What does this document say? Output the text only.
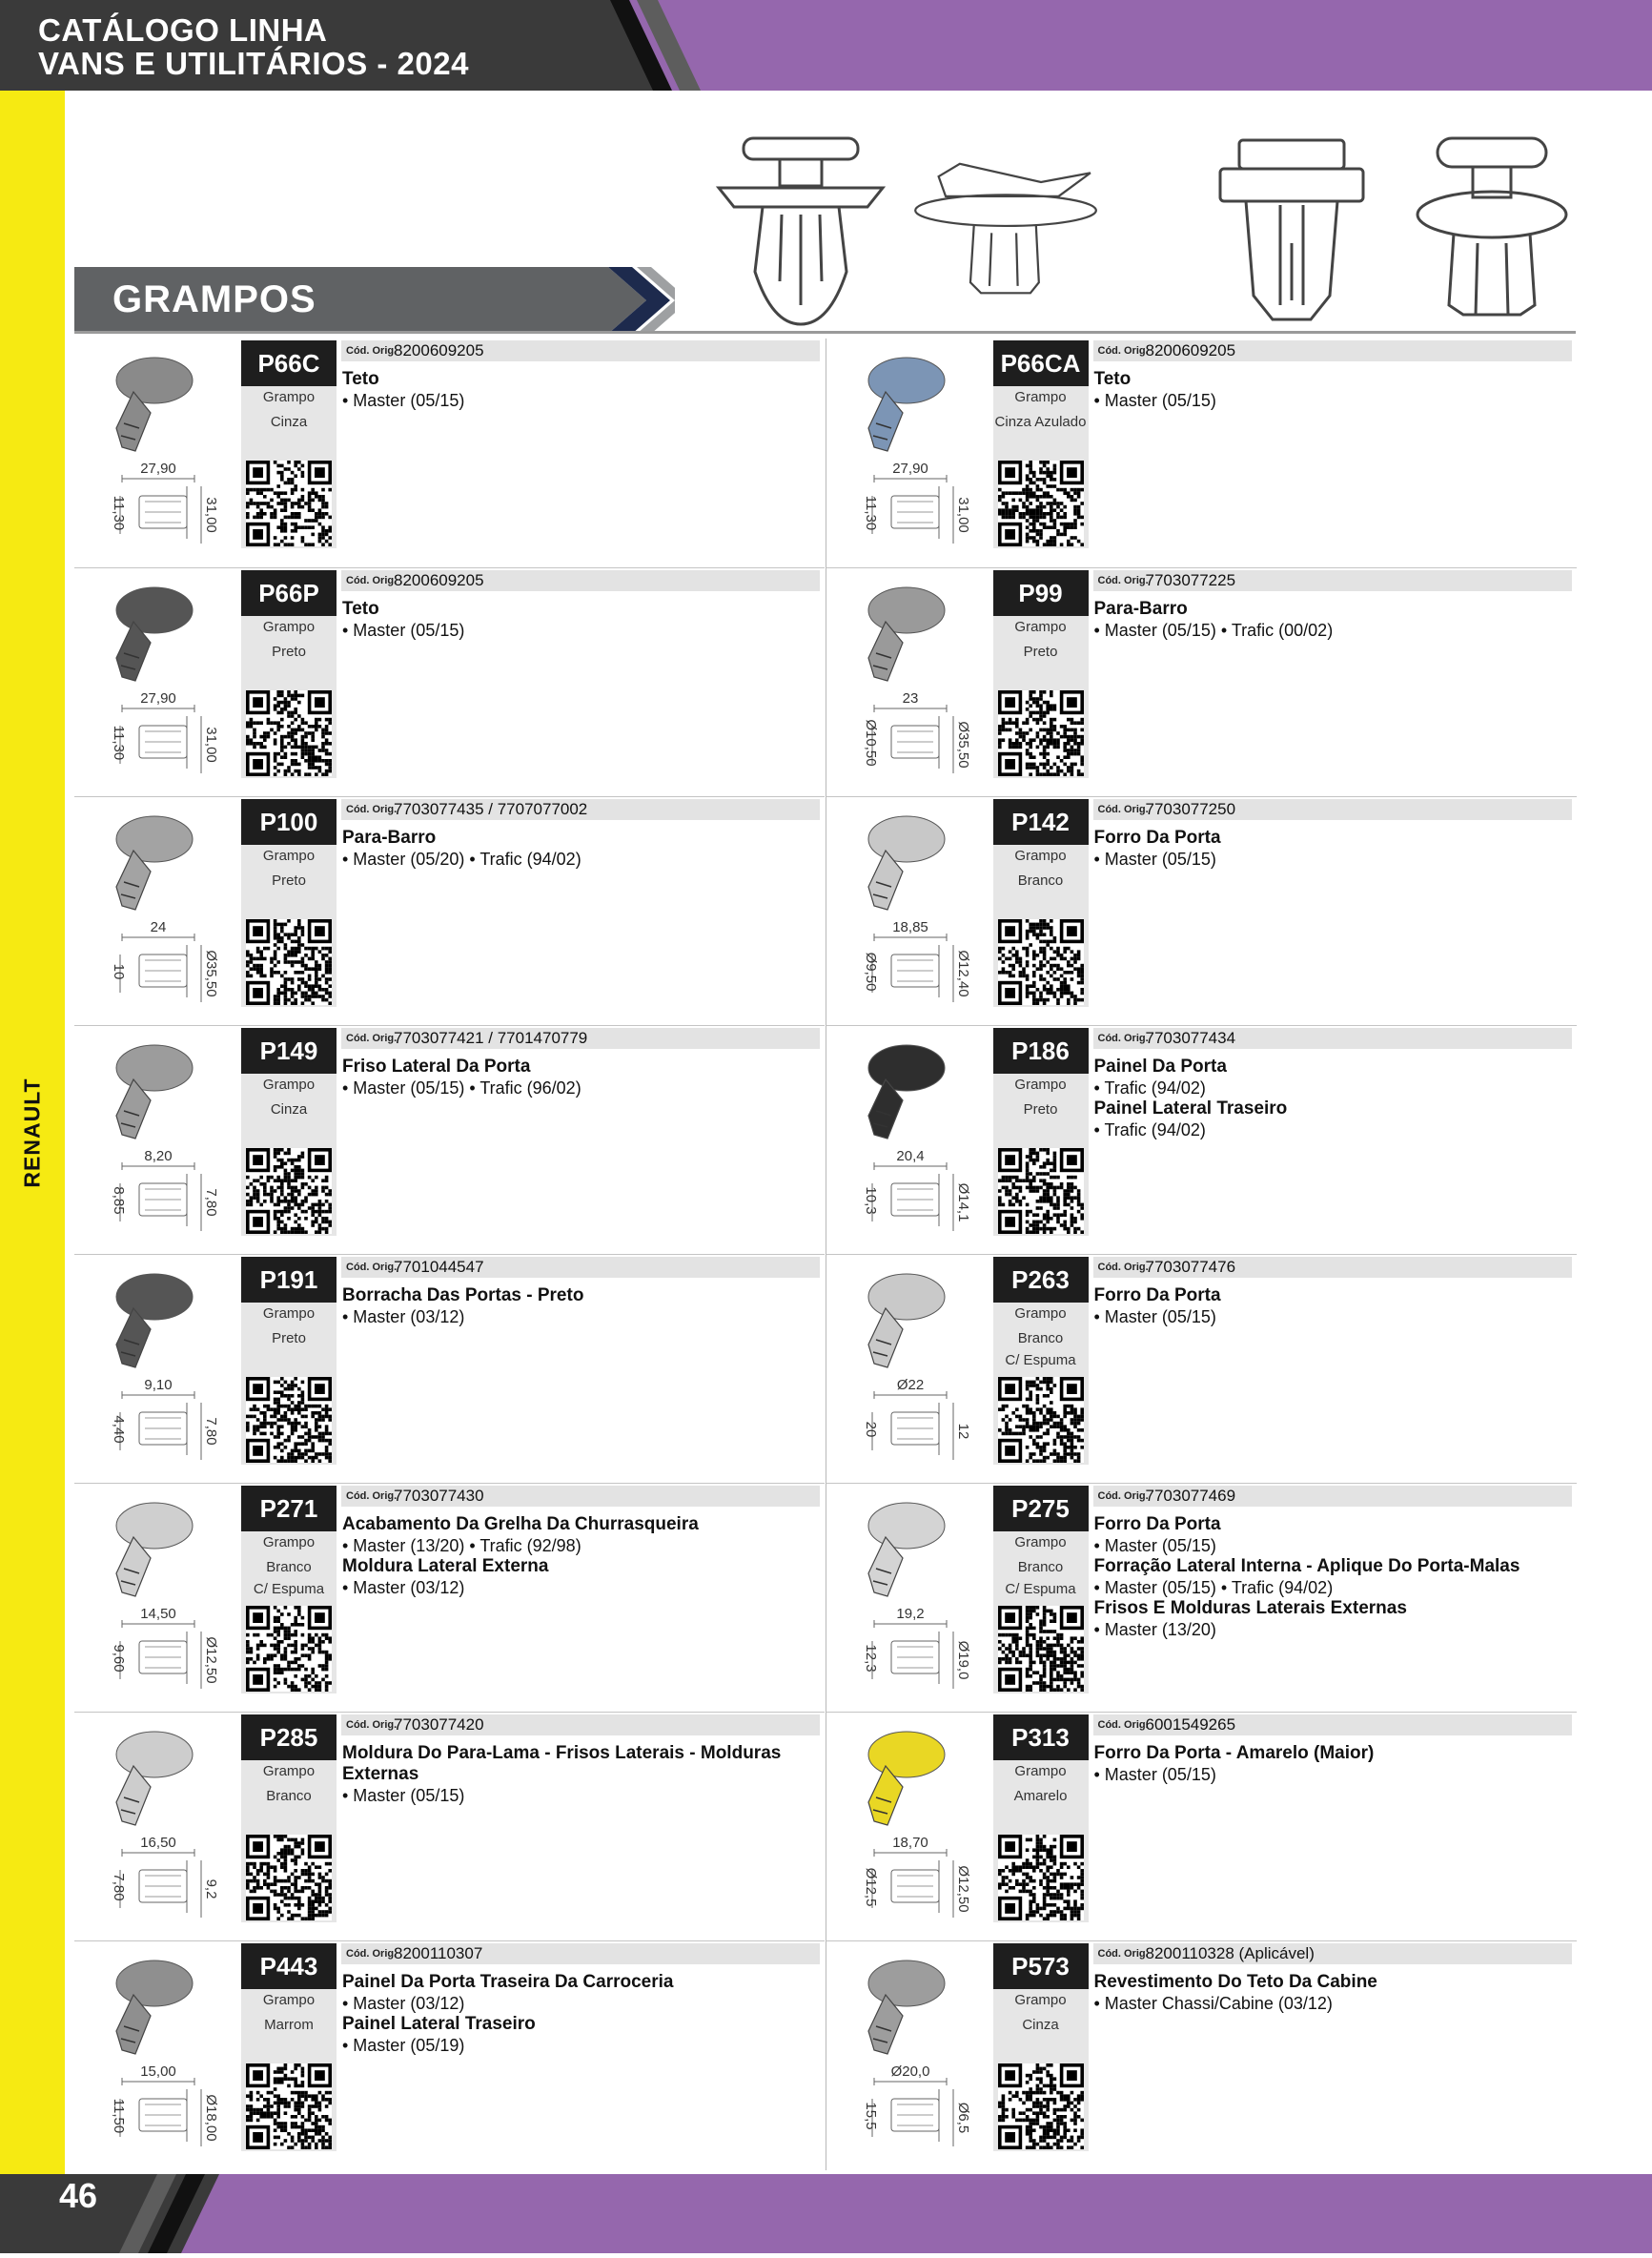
CATÁLOGO LINHA
VANS E UTILITÁRIOS - 2024
RENAULT
GRAMPOS
27,90
11,30	31,00
P66C
Grampo
Cinza
Cód. Orig.
8200609205
Teto
• Master (05/15)
27,90
11,30	31,00
P66CA
Grampo
Cinza Azulado
Cód. Orig.
8200609205
Teto
• Master (05/15)
27,90
11,30	31,00
P66P
Grampo
Preto
Cód. Orig.
8200609205
Teto
• Master (05/15)
23
Ø10,50	Ø35,50
P99
Grampo
Preto
Cód. Orig.
7703077225
Para-Barro
• Master (05/15) • Trafic (00/02)
24
10	Ø35,50
P100
Grampo
Preto
Cód. Orig.
7703077435 / 7707077002
Para-Barro
• Master (05/20) • Trafic (94/02)
18,85
Ø9,50	Ø12,40
P142
Grampo
Branco
Cód. Orig.
7703077250
Forro Da Porta
• Master (05/15)
8,20
8,85	7,80
P149
Grampo
Cinza
Cód. Orig.
7703077421 / 7701470779
Friso Lateral Da Porta
• Master (05/15) • Trafic (96/02)
20,4
10,3	Ø14,1
P186
Grampo
Preto
Cód. Orig.
7703077434
Painel Da Porta
• Trafic (94/02)
Painel Lateral Traseiro
• Trafic (94/02)
9,10
4,40	7,80
P191
Grampo
Preto
Cód. Orig.
7701044547
Borracha Das Portas - Preto
• Master (03/12)
Ø22
20	12
P263
Grampo
Branco
C/ Espuma
Cód. Orig.
7703077476
Forro Da Porta
• Master (05/15)
14,50
9,60	Ø12,50
P271
Grampo
Branco
C/ Espuma
Cód. Orig.
7703077430
Acabamento Da Grelha Da Churrasqueira
• Master (13/20) • Trafic (92/98)
Moldura Lateral Externa
• Master (03/12)
19,2
12,3	Ø19,0
P275
Grampo
Branco
C/ Espuma
Cód. Orig.
7703077469
Forro Da Porta
• Master (05/15)
Forração Lateral Interna - Aplique Do Porta-Malas
• Master (05/15) • Trafic (94/02)
Frisos E Molduras Laterais Externas
• Master (13/20)
16,50
7,80	9,2
P285
Grampo
Branco
Cód. Orig.
7703077420
Moldura Do Para-Lama - Frisos Laterais - Molduras Externas
• Master (05/15)
18,70
Ø12,5	Ø12,50
P313
Grampo
Amarelo
Cód. Orig.
6001549265
Forro Da Porta - Amarelo (Maior)
• Master (05/15)
15,00
11,50	Ø18,00
P443
Grampo
Marrom
Cód. Orig.
8200110307
Painel Da Porta Traseira Da Carroceria
• Master (03/12)
Painel Lateral Traseiro
• Master (05/19)
Ø20,0
15,5	Ø6,5
P573
Grampo
Cinza
Cód. Orig.
8200110328 (Aplicável)
Revestimento Do Teto Da Cabine
• Master Chassi/Cabine (03/12)
46
